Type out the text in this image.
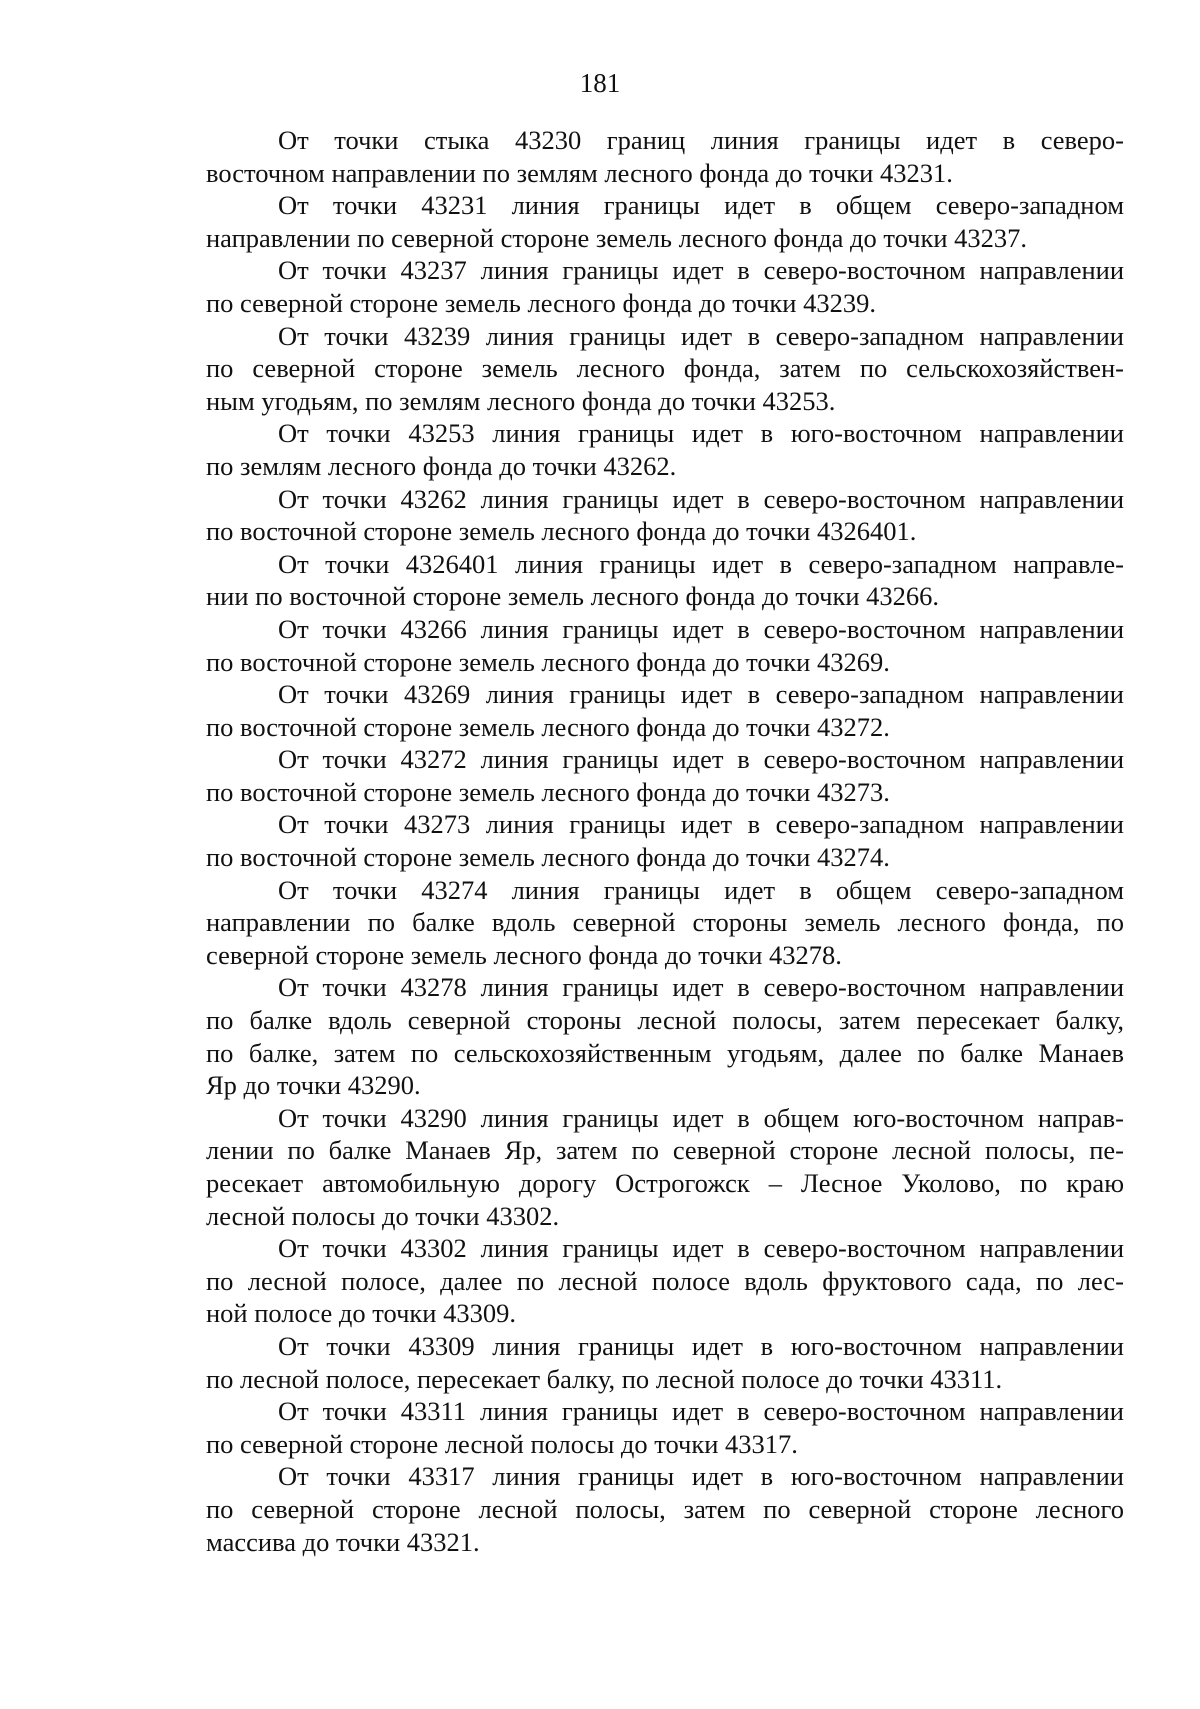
181

От точки стыка 43230 границ линия границы идет в северо-
восточном направлении по землям лесного фонда до точки 43231.

От точки 43231 линия границы идет в общем северо-западном
направлении по северной стороне земель лесного фонда до точки 43237.

От точки 43237 линия границы идет в северо-восточном направлении
по северной стороне земель лесного фонда до точки 43239.

От точки 43239 линия границы идет в северо-западном направлении
по северной стороне земель лесного фонда, затем по сельскохозяйствен-
ным угодьям, по землям лесного фонда до точки 43253.

От точки 43253 линия границы идет в юго-восточном направлении
по землям лесного фонда до точки 43262.

От точки 43262 линия границы идет в северо-восточном направлении
по восточной стороне земель лесного фонда до точки 4326401.

От точки 4326401 линия границы идет в северо-западном направле-
нии по восточной стороне земель лесного фонда до точки 43266.

От точки 43266 линия границы идет в северо-восточном направлении
по восточной стороне земель лесного фонда до точки 43269.

От точки 43269 линия границы идет в северо-западном направлении
по восточной стороне земель лесного фонда до точки 43272.

От точки 43272 линия границы идет в северо-восточном направлении
по восточной стороне земель лесного фонда до точки 43273.

От точки 43273 линия границы идет в северо-западном направлении
по восточной стороне земель лесного фонда до точки 43274.

От точки 43274 линия границы идет в общем северо-западном
направлении по балке вдоль северной стороны земель лесного фонда, по
северной стороне земель лесного фонда до точки 43278.

От точки 43278 линия границы идет в северо-восточном направлении
по балке вдоль северной стороны лесной полосы, затем пересекает балку,
по балке, затем по сельскохозяйственным угодьям, далее по балке Манаев
Яр до точки 43290.

От точки 43290 линия границы идет в общем юго-восточном направ-
лении по балке Манаев Яр, затем по северной стороне лесной полосы, пе-
ресекает автомобильную дорогу Острогожск – Лесное Уколово, по краю
лесной полосы до точки 43302.

От точки 43302 линия границы идет в северо-восточном направлении
по лесной полосе, далее по лесной полосе вдоль фруктового сада, по лес-
ной полосе до точки 43309.

От точки 43309 линия границы идет в юго-восточном направлении
по лесной полосе, пересекает балку, по лесной полосе до точки 43311.

От точки 43311 линия границы идет в северо-восточном направлении
по северной стороне лесной полосы до точки 43317.

От точки 43317 линия границы идет в юго-восточном направлении
по северной стороне лесной полосы, затем по северной стороне лесного
массива до точки 43321.
